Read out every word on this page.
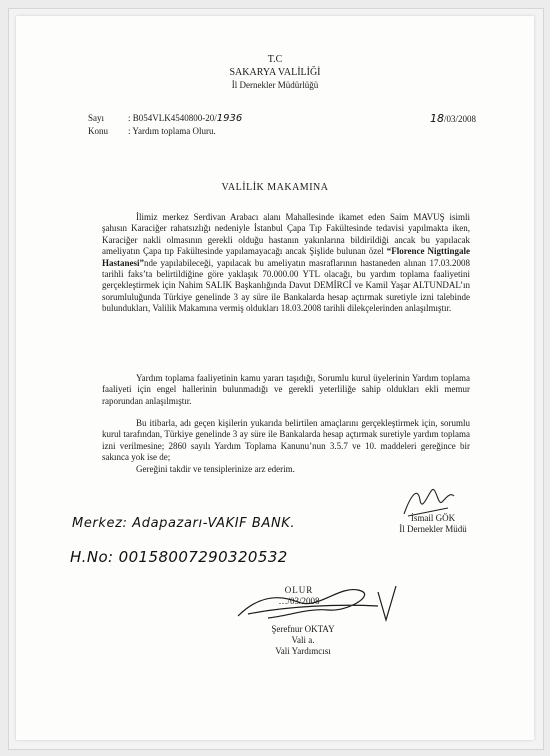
T.C
SAKARYA VALİLİĞİ
İl Dernekler Müdürlüğü
Sayı	: B054VLK4540800-20/1936	18/03/2008
Konu : Yardım toplama Oluru.
VALİLİK MAKAMINA

İlimiz merkez Serdivan Arabacı alanı Mahallesinde ikamet eden Saim MAVUŞ isimli şahısın Karaciğer rahatsızlığı nedeniyle İstanbul Çapa Tıp Fakültesinde tedavisi yapılmakta iken, Karaciğer nakli olmasının gerekli olduğu hastanın yakınlarına bildirildiği ancak bu yapılacak ameliyatın Çapa tıp Fakültesinde yapılamayacağı ancak Şişlide bulunan özel “Florence Nigttingale Hastanesi”nde yapılabileceği, yapılacak bu ameliyatın masraflarının hastaneden alınan 17.03.2008 tarihli faks’ta belirtildiğine göre yaklaşık 70.000.00 YTL olacağı, bu yardım toplama faaliyetini gerçekleştirmek için Nahim SALIK Başkanlığında Davut DEMİRCİ ve Kamil Yaşar ALTUNDAL’ın sorumluluğunda Türkiye genelinde 3 ay süre ile Bankalarda hesap açtırmak suretiyle izni talebinde bulundukları, Valilik Makamına vermiş oldukları 18.03.2008 tarihli dilekçelerinden anlaşılmıştır.

Yardım toplama faaliyetinin kamu yararı taşıdığı, Sorumlu kurul üyelerinin Yardım toplama faaliyeti için engel hallerinin bulunmadığı ve gerekli yeterliliğe sahip oldukları ekli memur raporundan anlaşılmıştır.

Bu itibarla, adı geçen kişilerin yukarıda belirtilen amaçlarını gerçekleştirmek için, sorumlu kurul tarafından, Türkiye genelinde 3 ay süre ile Bankalarda hesap açtırmak suretiyle yardım toplama izni verilmesine; 2860 sayılı Yardım Toplama Kanunu’nun 3.5.7 ve 10. maddeleri gereğince bir sakınca yok ise de;

Gereğini takdir ve tensiplerinize arz ederim.

İsmail GÖK
İl Dernekler Müdü
Merkez: Adapazarı-VAKIF BANK.
H.No: 00158007290320532
OLUR
…/03/2008
Şerefnur OKTAY
Vali a.
Vali Yardımcısı
